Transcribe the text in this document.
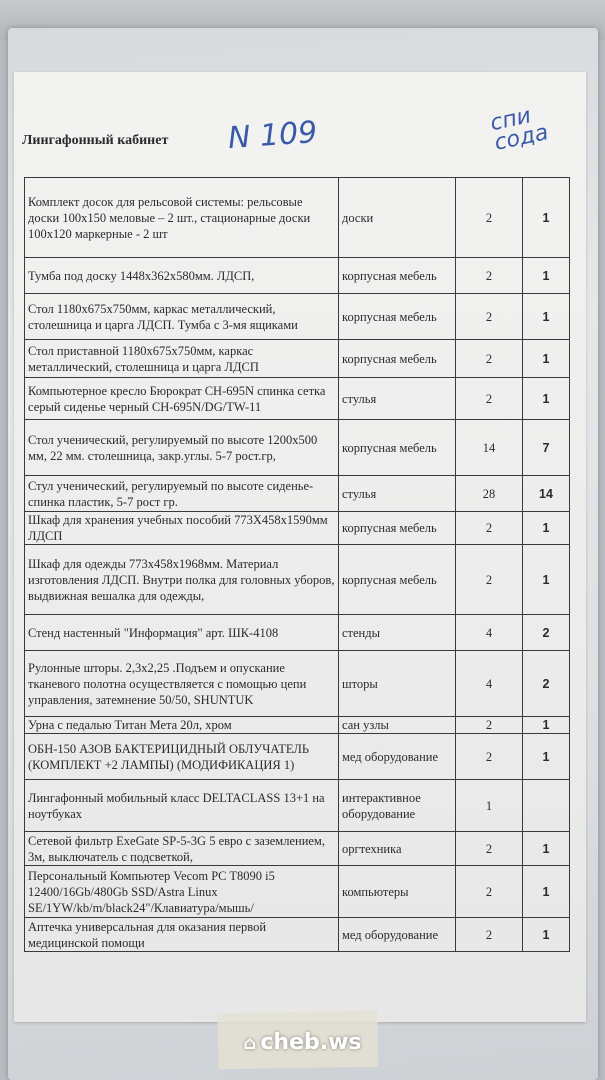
Лингафонный кабинет N 109	спи сода
Комплект досок для рельсовой системы: рельсовые доски 100х150 меловые – 2 шт., стационарные доски 100х120 маркерные - 2 шт	доски	2	1
Тумба под доску 1448х362х580мм. ЛДСП,	корпусная мебель	2	1
Стол 1180х675х750мм, каркас металлический, столешница и царга ЛДСП. Тумба с 3-мя ящиками	корпусная мебель	2	1
Стол приставной 1180х675х750мм, каркас металлический, столешница и царга ЛДСП	корпусная мебель	2	1
Компьютерное кресло Бюрократ CH-695N спинка сетка серый сиденье черный CH-695N/DG/TW-11	стулья	2	1
Стол ученический, регулируемый по высоте 1200х500 мм, 22 мм. столешница, закр.углы. 5-7 рост.гр,	корпусная мебель	14	7
Стул ученический, регулируемый по высоте сиденье-спинка пластик, 5-7 рост гр.	стулья	28	14
Шкаф для хранения учебных пособий 773Х458х1590мм ЛДСП	корпусная мебель	2	1
Шкаф для одежды 773х458х1968мм. Материал изготовления ЛДСП. Внутри полка для головных уборов, выдвижная вешалка для одежды,	корпусная мебель	2	1
Стенд настенный "Информация" арт. ШК-4108	стенды	4	2
Рулонные шторы. 2,3х2,25 .Подъем и опускание тканевого полотна осуществляется с помощью цепи управления, затемнение 50/50, SHUNTUK	шторы	4	2
Урна с педалью Титан Мета 20л, хром	сан узлы	2	1
ОБН-150 АЗОВ БАКТЕРИЦИДНЫЙ ОБЛУЧАТЕЛЬ (КОМПЛЕКТ +2 ЛАМПЫ) (МОДИФИКАЦИЯ 1)	мед оборудование	2	1
Лингафонный мобильный класс DELTACLASS 13+1 на ноутбуках	интерактивное оборудование	1	
Сетевой фильтр ExeGate SP-5-3G 5 евро с заземлением, 3м, выключатель с подсветкой,	оргтехника	2	1
Персональный Компьютер Vecom PC T8090 i5 12400/16Gb/480Gb SSD/Astra Linux SE/1YW/kb/m/black24"/Клавиатура/мышь/	компьютеры	2	1
Аптечка универсальная для оказания первой медицинской помощи	мед оборудование	2	1
⌂ cheb.ws
